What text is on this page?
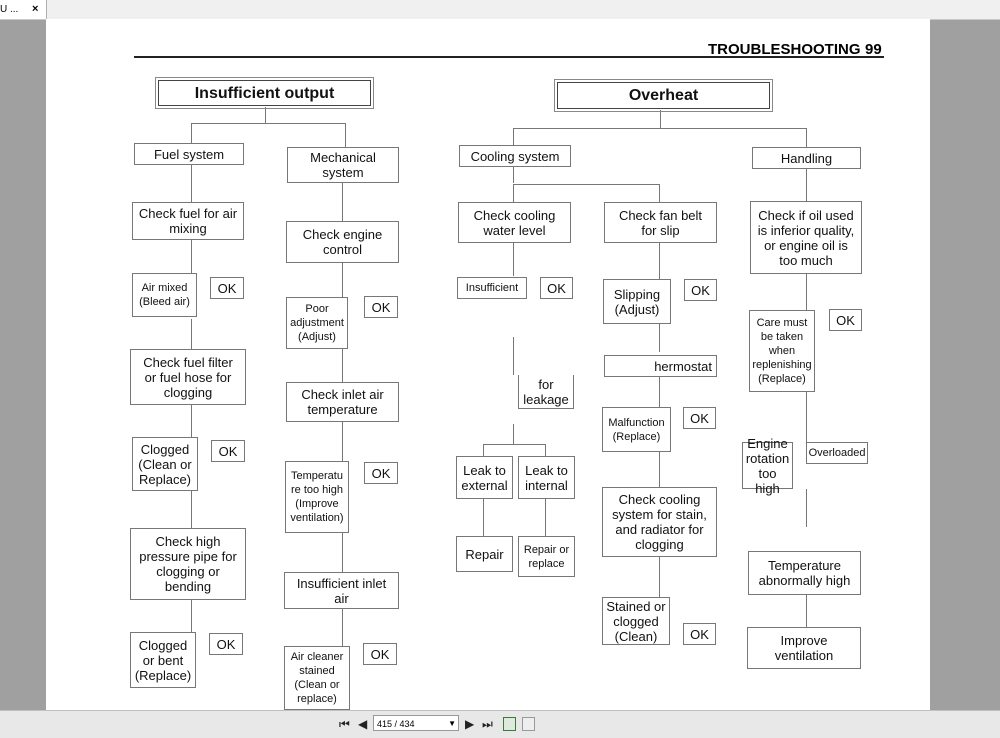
U ... ×
TROUBLESHOOTING 99
Insufficient output
Fuel system	Mechanical
system
Check fuel for air
mixing
Air mixed
(Bleed air)
OK
Check fuel filter
or fuel hose for
clogging
Clogged
(Clean or
Replace)
OK
Check high
pressure pipe for
clogging or
bending
Clogged
or bent
(Replace)
OK
Check engine
control
Poor
adjustment
(Adjust)
OK
Check inlet air
temperature
Temperatu
re too high
(Improve
ventilation)
OK
Insufficient inlet
air
Air cleaner
stained
(Clean or
replace)
OK
Overheat
Cooling system	Handling
Check cooling
water level
Insufficient	OK
for
leakage
Leak to
external
Leak to
internal
Repair	Repair or
replace
Check fan belt
for slip
Slipping
(Adjust)
OK
hermostat
Malfunction
(Replace)
OK
Check cooling
system for stain,
and radiator for
clogging
Stained or
clogged
(Clean)	OK
Check if oil used
is inferior quality,
or engine oil is
too much
Care must
be taken
when
replenishing
(Replace)
OK
Engine
rotation
too high
Overloaded
Temperature
abnormally high
Improve
ventilation
⏮ ◀	415 / 434	▼ ▶ ⏭
